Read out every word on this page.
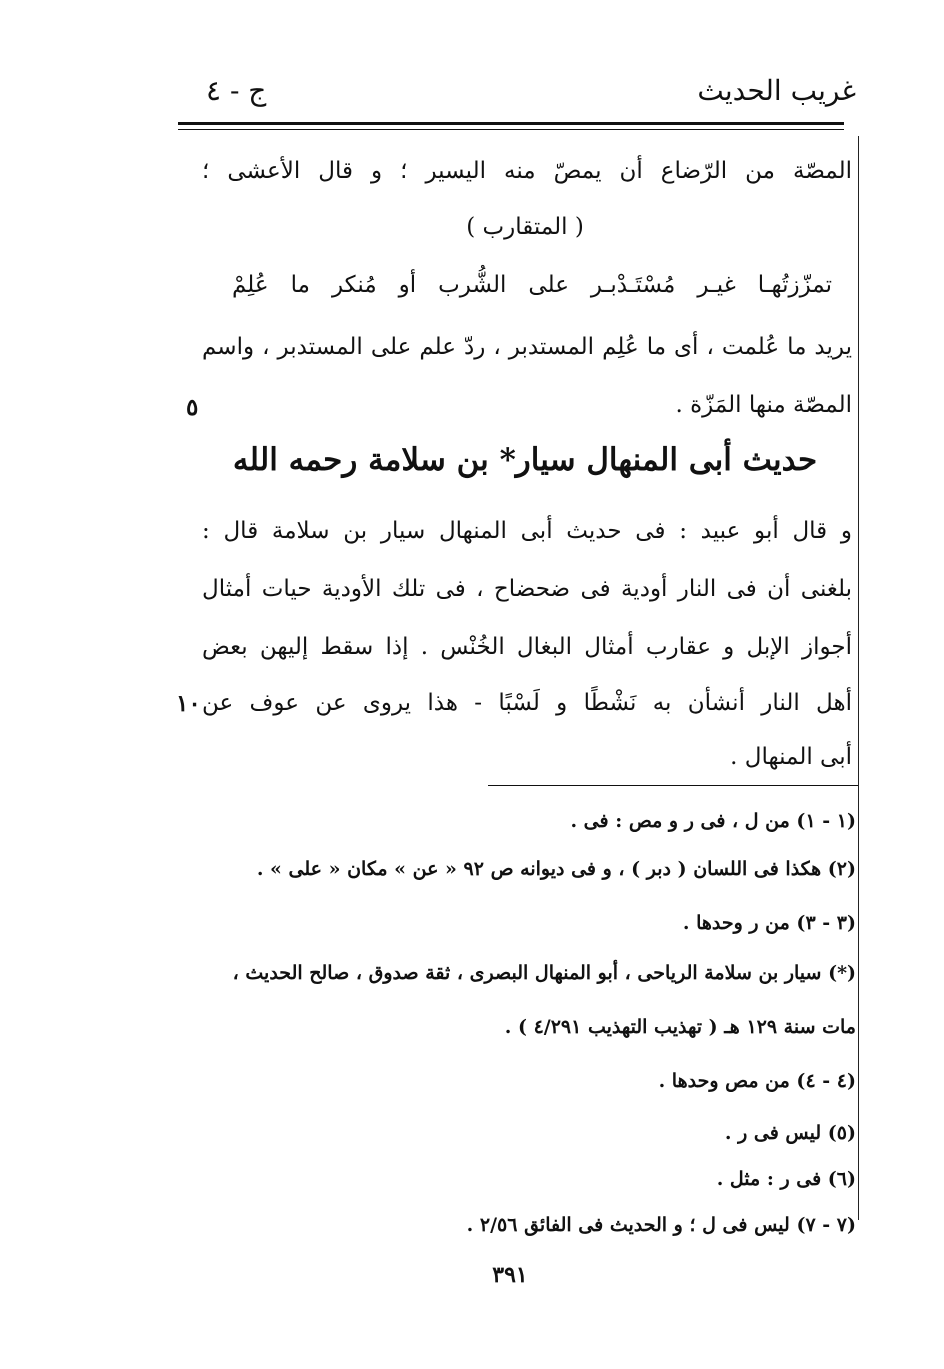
غريب الحديث
ج - ٤
المصّة من الرّضاع أن يمصّ منه اليسير ؛ و قال الأعشى ؛
( المتقارب )
تمزّزتُهـا غيـر مُسْتَـدْبـر على الشُّرب أو مُنكر ما عُلِمْ
يريد ما عُلمت ، أى ما عُلِم المستدبر ، ردّ علم على المستدبر ، واسم
المصّة منها المَزّة .
٥
حديث أبى المنهال سيار* بن سلامة رحمه الله
و قال أبو عبيد : فى حديث أبى المنهال سيار بن سلامة قال :
بلغنى أن فى النار أودية فى ضحضاح ، فى تلك الأودية حيات أمثال
أجواز الإبل و عقارب أمثال البغال الخُنْس . إذا سقط إليهن بعض
أهل النار أنشأن به نَشْطًا و لَسْبًا - هذا يروى عن عوف عن
١٠
أبى المنهال .
(١ - ١) من ل ، فى ر و مص : فى .
(٢) هكذا فى اللسان ( دبر ) ، و فى ديوانه ص ٩٢ « عن » مكان « على » .
(٣ - ٣) من ر وحدها .
(*) سيار بن سلامة الرياحى ، أبو المنهال البصرى ، ثقة صدوق ، صالح الحديث ،
مات سنة ١٢٩ هـ ( تهذيب التهذيب ٤/٢٩١ ) .
(٤ - ٤) من مص وحدها .
(٥) ليس فى ر .
(٦) فى ر : مثل .
(٧ - ٧) ليس فى ل ؛ و الحديث فى الفائق ٢/٥٦ .
٣٩١
